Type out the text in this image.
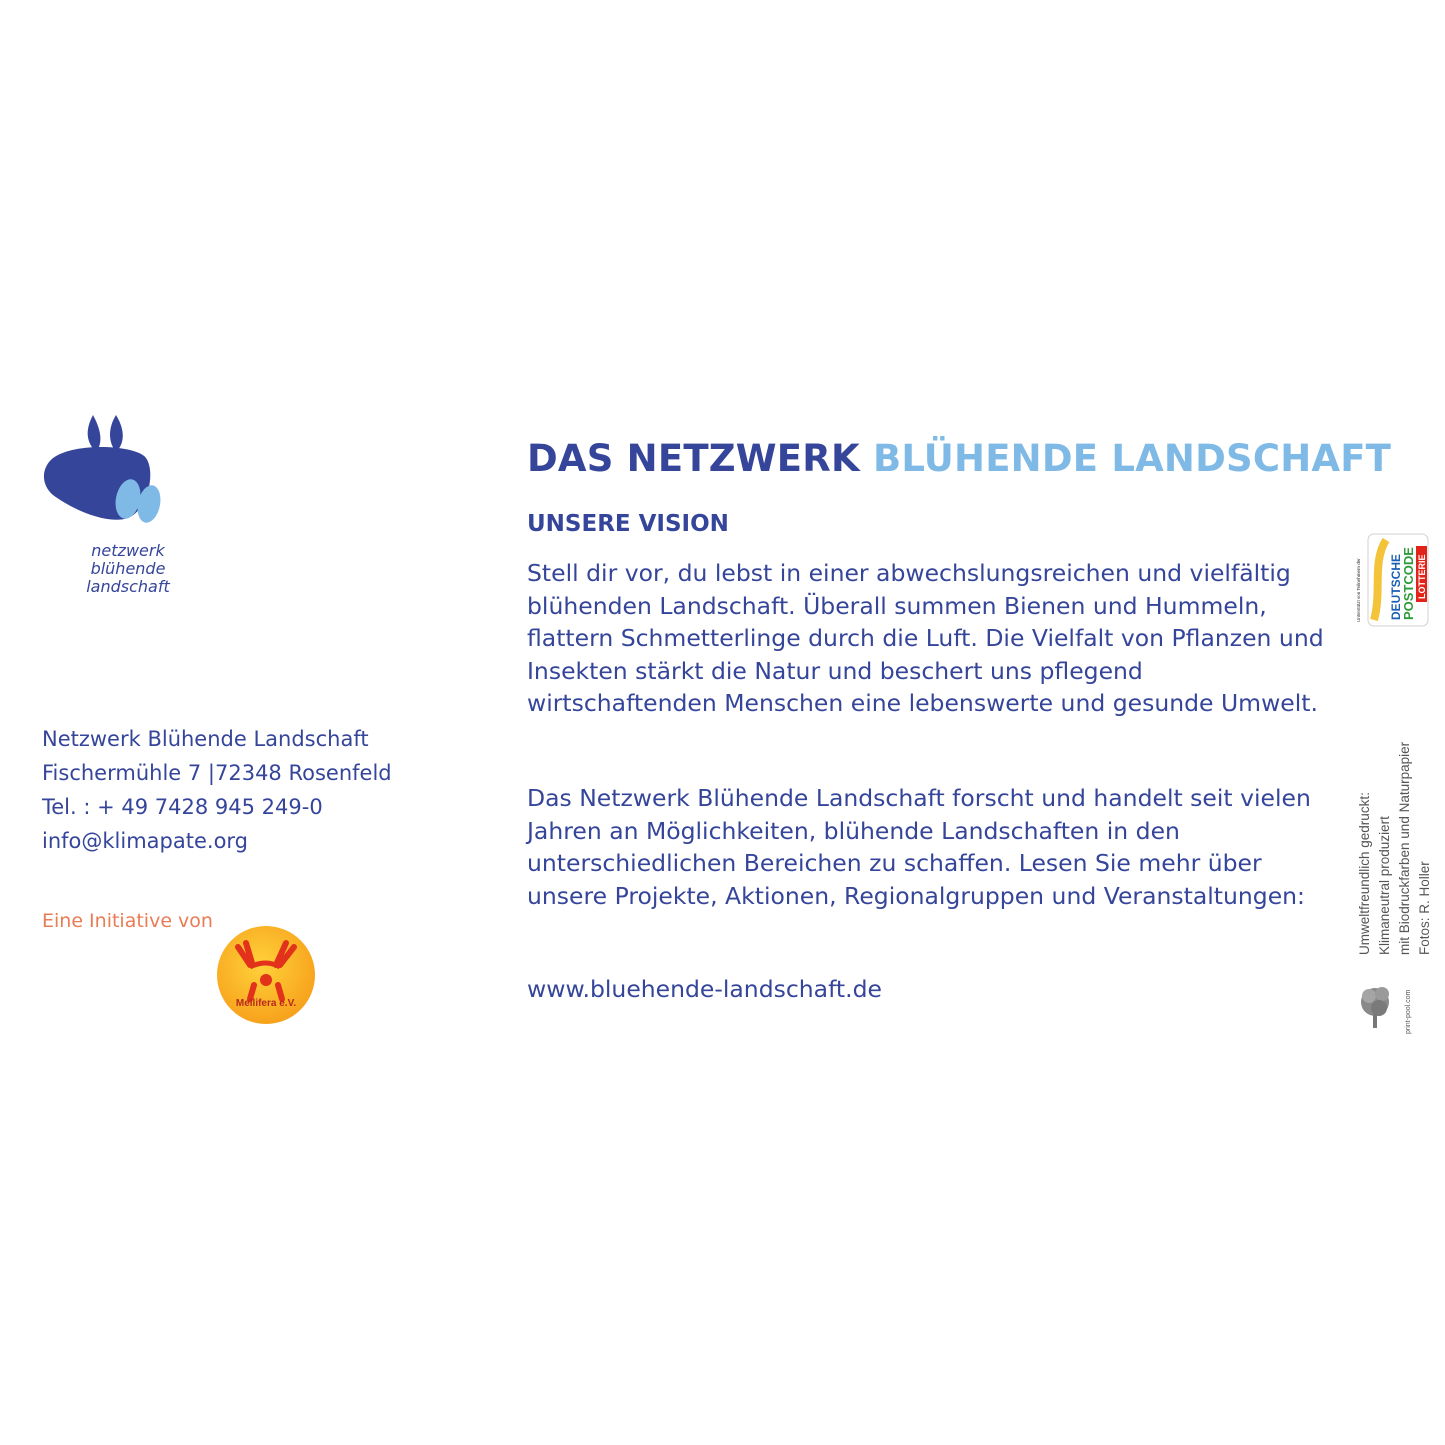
netzwerk
blühende
landschaft
Netzwerk Blühende Landschaft
Fischermühle 7 |72348 Rosenfeld
Tel. : + 49 7428 945 249-0
info@klimapate.org
Eine Initiative von
Mellifera e.V.
DAS NETZWERK BLÜHENDE LANDSCHAFT
UNSERE VISION
Stell dir vor, du lebst in einer abwechslungsreichen und vielfältig blühenden Landschaft. Überall summen Bienen und Hummeln, flattern Schmetterlinge durch die Luft. Die Vielfalt von Pflanzen und Insekten stärkt die Natur und beschert uns pflegend wirtschaftenden Menschen eine lebenswerte und gesunde Umwelt.
Das Netzwerk Blühende Landschaft forscht und handelt seit vielen Jahren an Möglichkeiten, blühende Landschaften in den unterschiedlichen Bereichen zu schaffen. Lesen Sie mehr über unsere Projekte, Aktionen, Regionalgruppen und Veranstaltungen:
www.bluehende-landschaft.de
Unterstützt von Teilnehmern der DEUTSCHE
POSTCODE LOTTERIE
Umweltfreundlich gedruckt: Klimaneutral produziert mit Biodruckfarben und Naturpapier Fotos: R. Holler
print-pool.com
